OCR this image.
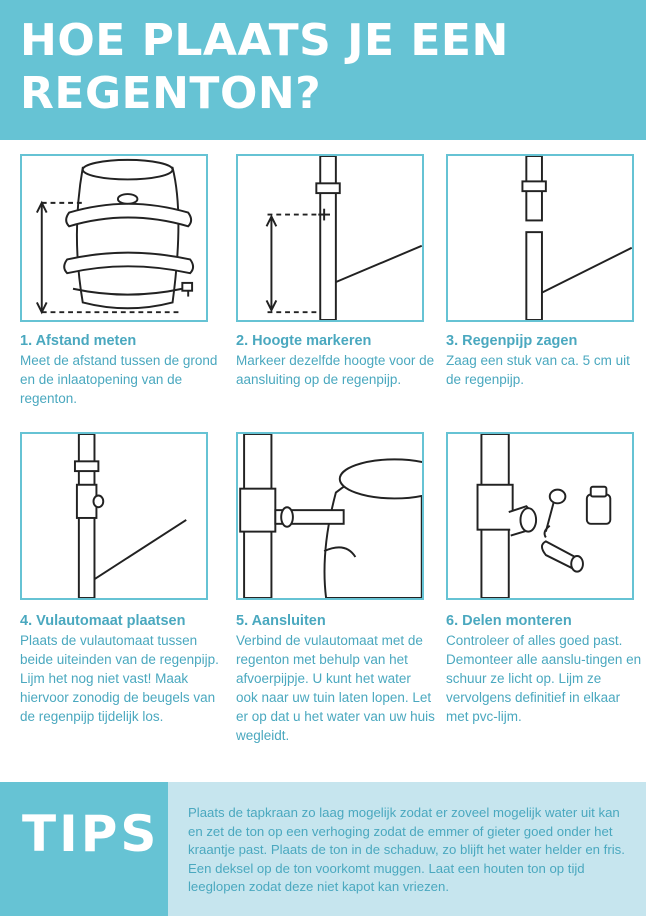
HOE PLAATS JE EEN REGENTON?
1. Afstand meten
Meet de afstand tussen de grond en de inlaatopening van de regenton.
2. Hoogte markeren
Markeer dezelfde hoogte voor de aansluiting op de regenpijp.
3. Regenpijp zagen
Zaag een stuk van ca. 5 cm uit de regenpijp.
4. Vulautomaat plaatsen
Plaats de vulautomaat tussen beide uiteinden van de regenpijp. Lijm het nog niet vast! Maak hiervoor zonodig de beugels van de regenpijp tijdelijk los.
5. Aansluiten
Verbind de vulautomaat met de regenton met behulp van het afvoerpijpje. U kunt het water ook naar uw tuin laten lopen. Let er op dat u het water van uw huis wegleidt.
6. Delen monteren
Controleer of alles goed past. Demonteer alle aanslu-tingen en schuur ze licht op. Lijm ze vervolgens definitief in elkaar met pvc-lijm.
TIPS Plaats de tapkraan zo laag mogelijk zodat er zoveel mogelijk water uit kan en zet de ton op een verhoging zodat de emmer of gieter goed onder het kraantje past. Plaats de ton in de schaduw, zo blijft het water helder en fris. Een deksel op de ton voorkomt muggen. Laat een houten ton op tijd leeglopen zodat deze niet kapot kan vriezen.
